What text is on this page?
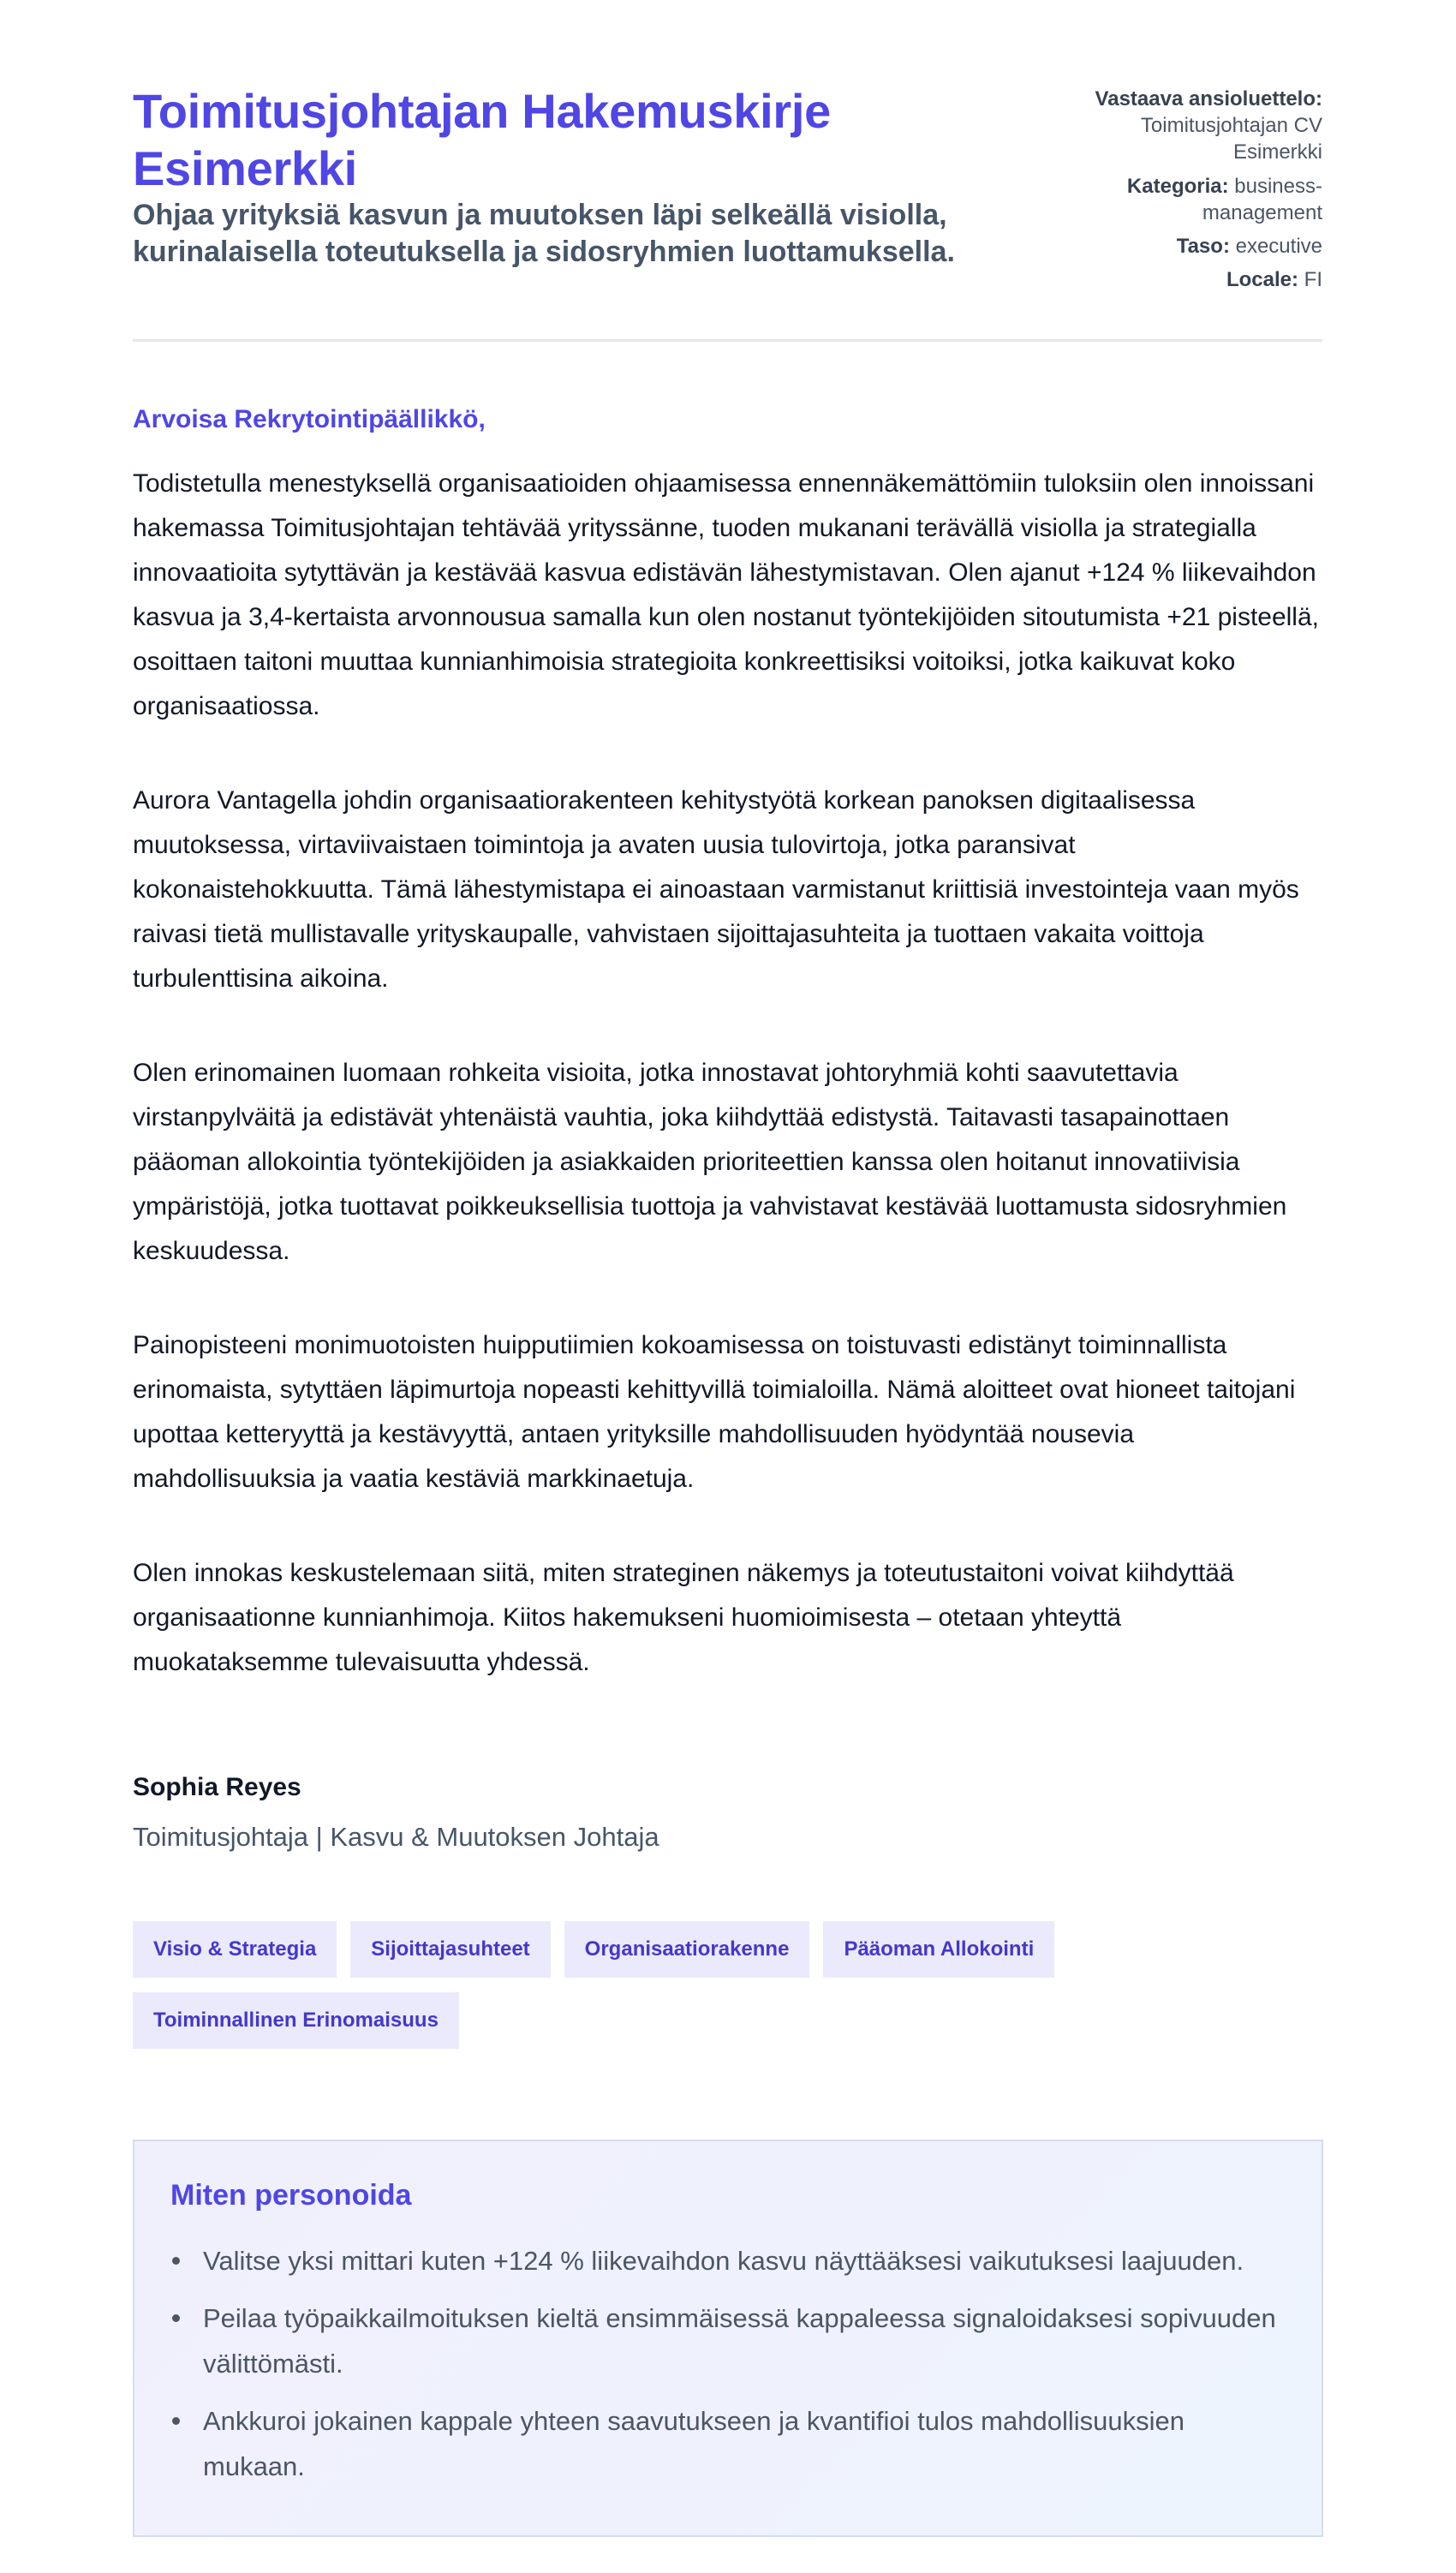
Toimitusjohtajan Hakemuskirje Esimerkki

Ohjaa yrityksiä kasvun ja muutoksen läpi selkeällä visiolla, kurinalaisella toteutuksella ja sidosryhmien luottamuksella.

Vastaava ansioluettelo: Toimitusjohtajan CV Esimerkki
Kategoria: business-management
Taso: executive
Locale: FI

Arvoisa Rekrytointipäällikkö,

Todistetulla menestyksellä organisaatioiden ohjaamisessa ennennäkemättömiin tuloksiin olen innoissani hakemassa Toimitusjohtajan tehtävää yrityssänne, tuoden mukanani terävällä visiolla ja strategialla innovaatioita sytyttävän ja kestävää kasvua edistävän lähestymistavan. Olen ajanut +124 % liikevaihdon kasvua ja 3,4-kertaista arvonnousua samalla kun olen nostanut työntekijöiden sitoutumista +21 pisteellä, osoittaen taitoni muuttaa kunnianhimoisia strategioita konkreettisiksi voitoiksi, jotka kaikuvat koko organisaatiossa.

Aurora Vantagella johdin organisaatiorakenteen kehitystyötä korkean panoksen digitaalisessa muutoksessa, virtaviivaistaen toimintoja ja avaten uusia tulovirtoja, jotka paransivat kokonaistehokkuutta. Tämä lähestymistapa ei ainoastaan varmistanut kriittisiä investointeja vaan myös raivasi tietä mullistavalle yrityskaupalle, vahvistaen sijoittajasuhteita ja tuottaen vakaita voittoja turbulenttisina aikoina.

Olen erinomainen luomaan rohkeita visioita, jotka innostavat johtoryhmiä kohti saavutettavia virstanpylväitä ja edistävät yhtenäistä vauhtia, joka kiihdyttää edistystä. Taitavasti tasapainottaen pääoman allokointia työntekijöiden ja asiakkaiden prioriteettien kanssa olen hoitanut innovatiivisia ympäristöjä, jotka tuottavat poikkeuksellisia tuottoja ja vahvistavat kestävää luottamusta sidosryhmien keskuudessa.

Painopisteeni monimuotoisten huipputiimien kokoamisessa on toistuvasti edistänyt toiminnallista erinomaista, sytyttäen läpimurtoja nopeasti kehittyvillä toimialoilla. Nämä aloitteet ovat hioneet taitojani upottaa ketteryyttä ja kestävyyttä, antaen yrityksille mahdollisuuden hyödyntää nousevia mahdollisuuksia ja vaatia kestäviä markkinaetuja.

Olen innokas keskustelemaan siitä, miten strateginen näkemys ja toteutustaitoni voivat kiihdyttää organisaationne kunnianhimoja. Kiitos hakemukseni huomioimisesta – otetaan yhteyttä muokataksemme tulevaisuutta yhdessä.

Sophia Reyes

Toimitusjohtaja | Kasvu & Muutoksen Johtaja

Visio & Strategia	Sijoittajasuhteet	Organisaatiorakenne	Pääoman Allokointi
Toiminnallinen Erinomaisuus
Miten personoida
Valitse yksi mittari kuten +124 % liikevaihdon kasvu näyttääksesi vaikutuksesi laajuuden.
Peilaa työpaikkailmoituksen kieltä ensimmäisessä kappaleessa signaloidaksesi sopivuuden välittömästi.
Ankkuroi jokainen kappale yhteen saavutukseen ja kvantifioi tulos mahdollisuuksien mukaan.
